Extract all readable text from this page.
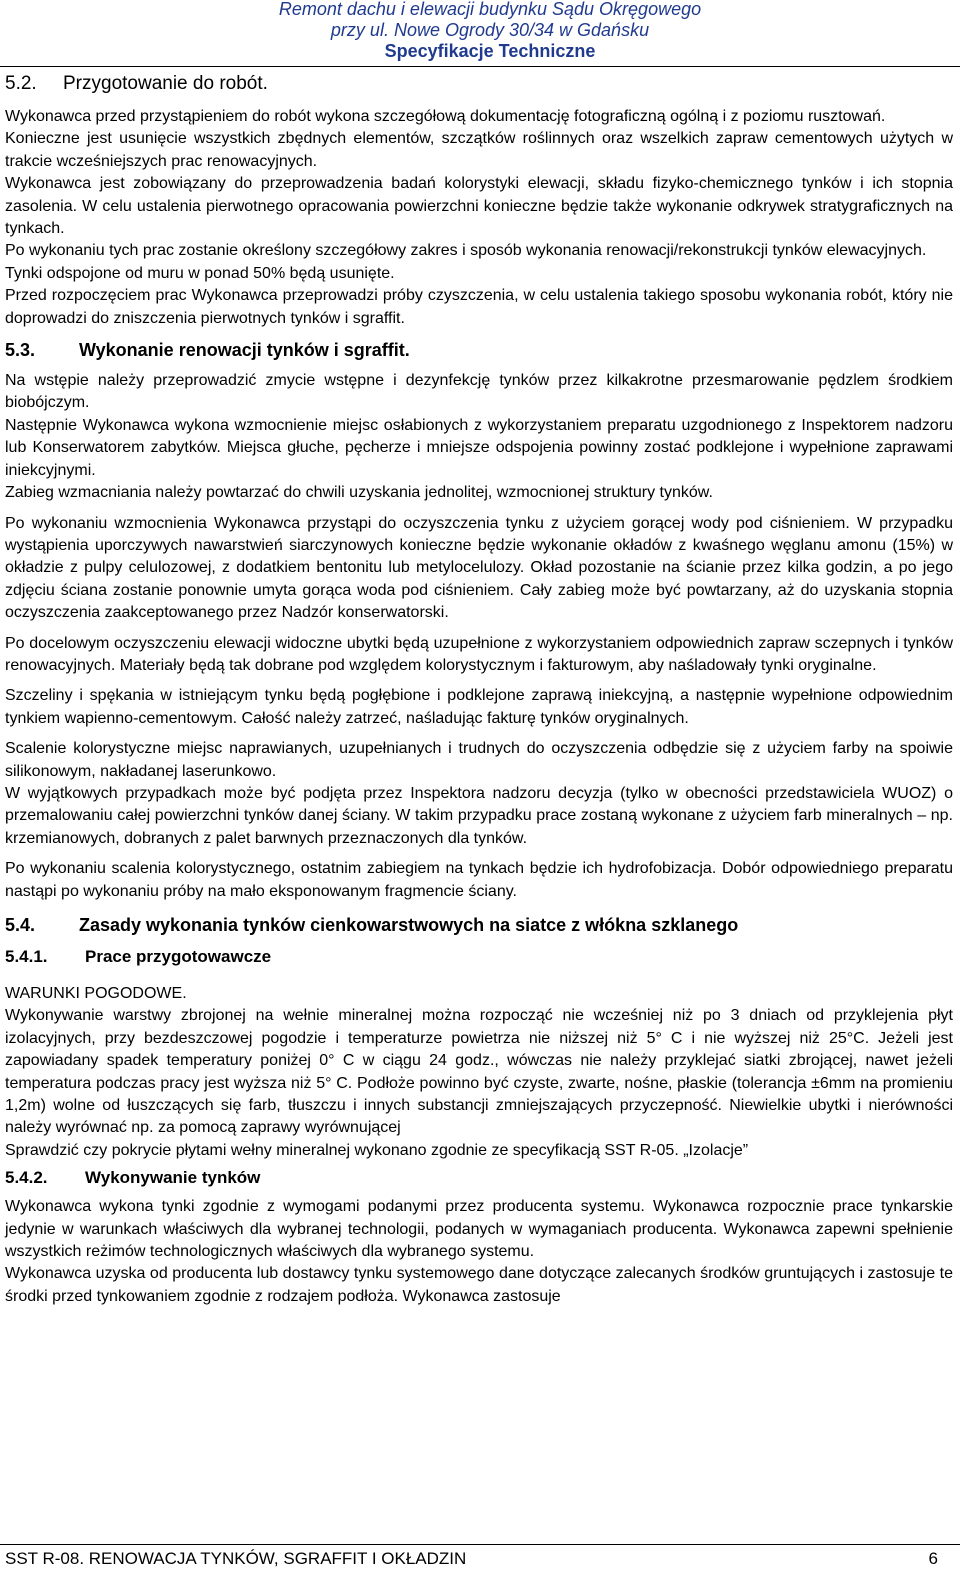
Remont dachu i elewacji budynku Sądu Okręgowego
przy ul. Nowe Ogrody 30/34 w Gdańsku
Specyfikacje Techniczne
5.2. Przygotowanie do robót.

Wykonawca przed przystąpieniem do robót wykona szczegółową dokumentację fotograficzną ogólną i z poziomu rusztowań.

Konieczne jest usunięcie wszystkich zbędnych elementów, szczątków roślinnych oraz wszelkich zapraw cementowych użytych w trakcie wcześniejszych prac renowacyjnych.

Wykonawca jest zobowiązany do przeprowadzenia badań kolorystyki elewacji, składu fizyko-chemicznego tynków i ich stopnia zasolenia. W celu ustalenia pierwotnego opracowania powierzchni konieczne będzie także wykonanie odkrywek stratygraficznych na tynkach.

Po wykonaniu tych prac zostanie określony szczegółowy zakres i sposób wykonania renowacji/rekonstrukcji tynków elewacyjnych.

Tynki odspojone od muru w ponad 50% będą usunięte.

Przed rozpoczęciem prac Wykonawca przeprowadzi próby czyszczenia, w celu ustalenia takiego sposobu wykonania robót, który nie doprowadzi do zniszczenia pierwotnych tynków i sgraffit.

5.3. Wykonanie renowacji tynków i sgraffit.

Na wstępie należy przeprowadzić zmycie wstępne i dezynfekcję tynków przez kilkakrotne przesmarowanie pędzlem środkiem biobójczym.

Następnie Wykonawca wykona wzmocnienie miejsc osłabionych z wykorzystaniem preparatu uzgodnionego z Inspektorem nadzoru lub Konserwatorem zabytków. Miejsca głuche, pęcherze i mniejsze odspojenia powinny zostać podklejone i wypełnione zaprawami iniekcyjnymi.

Zabieg wzmacniania należy powtarzać do chwili uzyskania jednolitej, wzmocnionej struktury tynków.

Po wykonaniu wzmocnienia Wykonawca przystąpi do oczyszczenia tynku z użyciem gorącej wody pod ciśnieniem. W przypadku wystąpienia uporczywych nawarstwień siarczynowych konieczne będzie wykonanie okładów z kwaśnego węglanu amonu (15%) w okładzie z pulpy celulozowej, z dodatkiem bentonitu lub metylocelulozy. Okład pozostanie na ścianie przez kilka godzin, a po jego zdjęciu ściana zostanie ponownie umyta gorąca woda pod ciśnieniem. Cały zabieg może być powtarzany, aż do uzyskania stopnia oczyszczenia zaakceptowanego przez Nadzór konserwatorski.

Po docelowym oczyszczeniu elewacji widoczne ubytki będą uzupełnione z wykorzystaniem odpowiednich zapraw sczepnych i tynków renowacyjnych. Materiały będą tak dobrane pod względem kolorystycznym i fakturowym, aby naśladowały tynki oryginalne.

Szczeliny i spękania w istniejącym tynku będą pogłębione i podklejone zaprawą iniekcyjną, a następnie wypełnione odpowiednim tynkiem wapienno-cementowym. Całość należy zatrzeć, naśladując fakturę tynków oryginalnych.

Scalenie kolorystyczne miejsc naprawianych, uzupełnianych i trudnych do oczyszczenia odbędzie się z użyciem farby na spoiwie silikonowym, nakładanej laserunkowo.

W wyjątkowych przypadkach może być podjęta przez Inspektora nadzoru decyzja (tylko w obecności przedstawiciela WUOZ) o przemalowaniu całej powierzchni tynków danej ściany. W takim przypadku prace zostaną wykonane z użyciem farb mineralnych – np. krzemianowych, dobranych z palet barwnych przeznaczonych dla tynków.

Po wykonaniu scalenia kolorystycznego, ostatnim zabiegiem na tynkach będzie ich hydrofobizacja. Dobór odpowiedniego preparatu nastąpi po wykonaniu próby na mało eksponowanym fragmencie ściany.

5.4. Zasady wykonania tynków cienkowarstwowych na siatce z włókna szklanego
5.4.1. Prace przygotowawcze

WARUNKI POGODOWE.

Wykonywanie warstwy zbrojonej na wełnie mineralnej można rozpocząć nie wcześniej niż po 3 dniach od przyklejenia płyt izolacyjnych, przy bezdeszczowej pogodzie i temperaturze powietrza nie niższej niż 5° C i nie wyższej niż 25°C. Jeżeli jest zapowiadany spadek temperatury poniżej 0° C w ciągu 24 godz., wówczas nie należy przyklejać siatki zbrojącej, nawet jeżeli temperatura podczas pracy jest wyższa niż 5° C. Podłoże powinno być czyste, zwarte, nośne, płaskie (tolerancja ±6mm na promieniu 1,2m) wolne od łuszczących się farb, tłuszczu i innych substancji zmniejszających przyczepność. Niewielkie ubytki i nierówności należy wyrównać np. za pomocą zaprawy wyrównującej

Sprawdzić czy pokrycie płytami wełny mineralnej wykonano zgodnie ze specyfikacją SST R-05. „Izolacje”

5.4.2. Wykonywanie tynków

Wykonawca wykona tynki zgodnie z wymogami podanymi przez producenta systemu. Wykonawca rozpocznie prace tynkarskie jedynie w warunkach właściwych dla wybranej technologii, podanych w wymaganiach producenta. Wykonawca zapewni spełnienie wszystkich reżimów technologicznych właściwych dla wybranego systemu.

Wykonawca uzyska od producenta lub dostawcy tynku systemowego dane dotyczące zalecanych środków gruntujących i zastosuje te środki przed tynkowaniem zgodnie z rodzajem podłoża. Wykonawca zastosuje

SST R-08. RENOWACJA TYNKÓW, SGRAFFIT I OKŁADZIN	6
